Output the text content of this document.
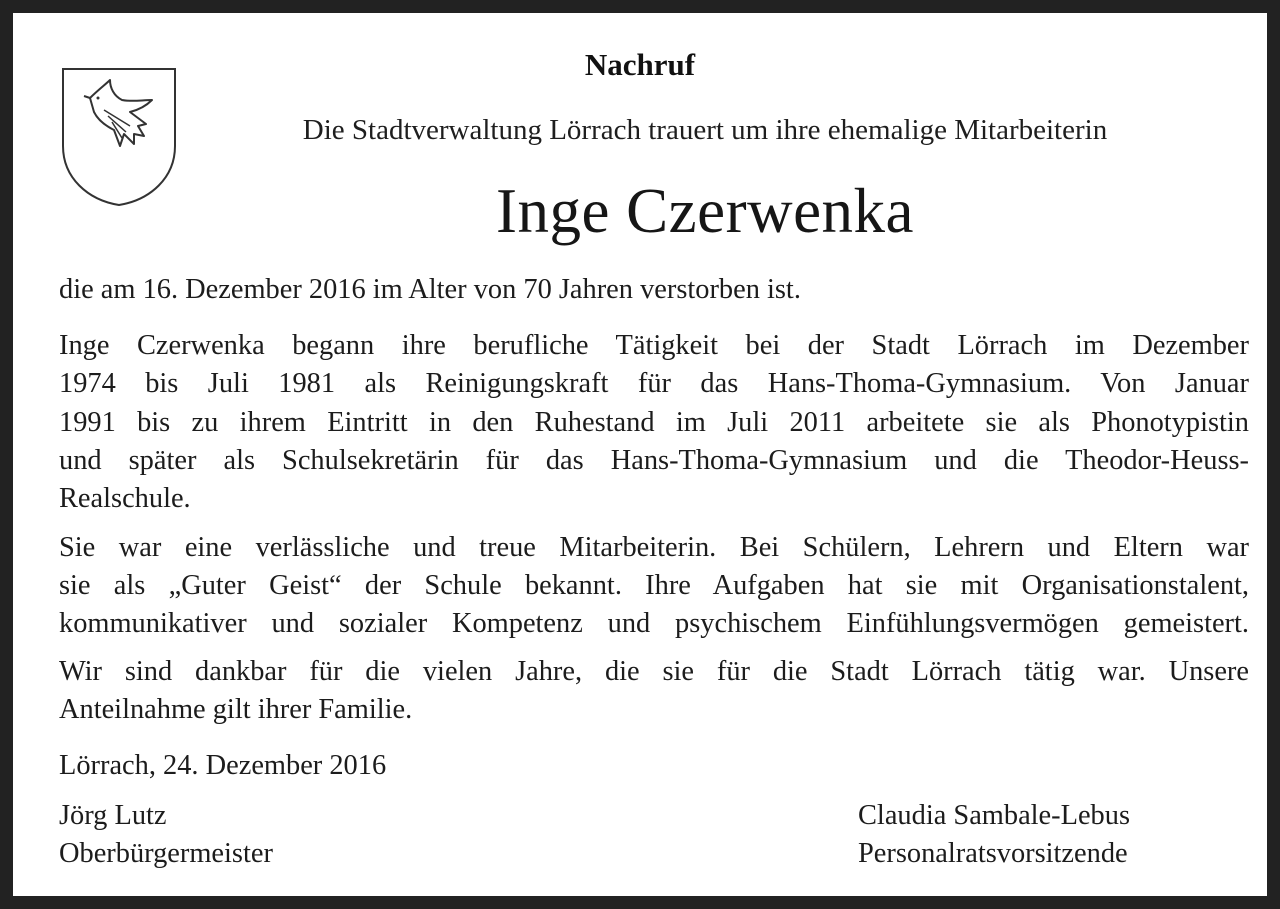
Nachruf
Die Stadtverwaltung Lörrach trauert um ihre ehemalige Mitarbeiterin
Inge Czerwenka

die am 16. Dezember 2016 im Alter von 70 Jahren verstorben ist.

Inge Czerwenka begann ihre berufliche Tätigkeit bei der Stadt Lörrach im Dezember

1974 bis Juli 1981 als Reinigungskraft für das Hans-Thoma-Gymnasium. Von Januar

1991 bis zu ihrem Eintritt in den Ruhestand im Juli 2011 arbeitete sie als Phonotypistin

und später als Schulsekretärin für das Hans-Thoma-Gymnasium und die Theodor-Heuss-

Realschule.

Sie war eine verlässliche und treue Mitarbeiterin. Bei Schülern, Lehrern und Eltern war

sie als „Guter Geist“ der Schule bekannt. Ihre Aufgaben hat sie mit Organisationstalent,

kommunikativer und sozialer Kompetenz und psychischem Einfühlungsvermögen gemeistert.

Wir sind dankbar für die vielen Jahre, die sie für die Stadt Lörrach tätig war. Unsere

Anteilnahme gilt ihrer Familie.

Lörrach, 24. Dezember 2016

Jörg Lutz
Oberbürgermeister
Claudia Sambale-Lebus
Personalratsvorsitzende
